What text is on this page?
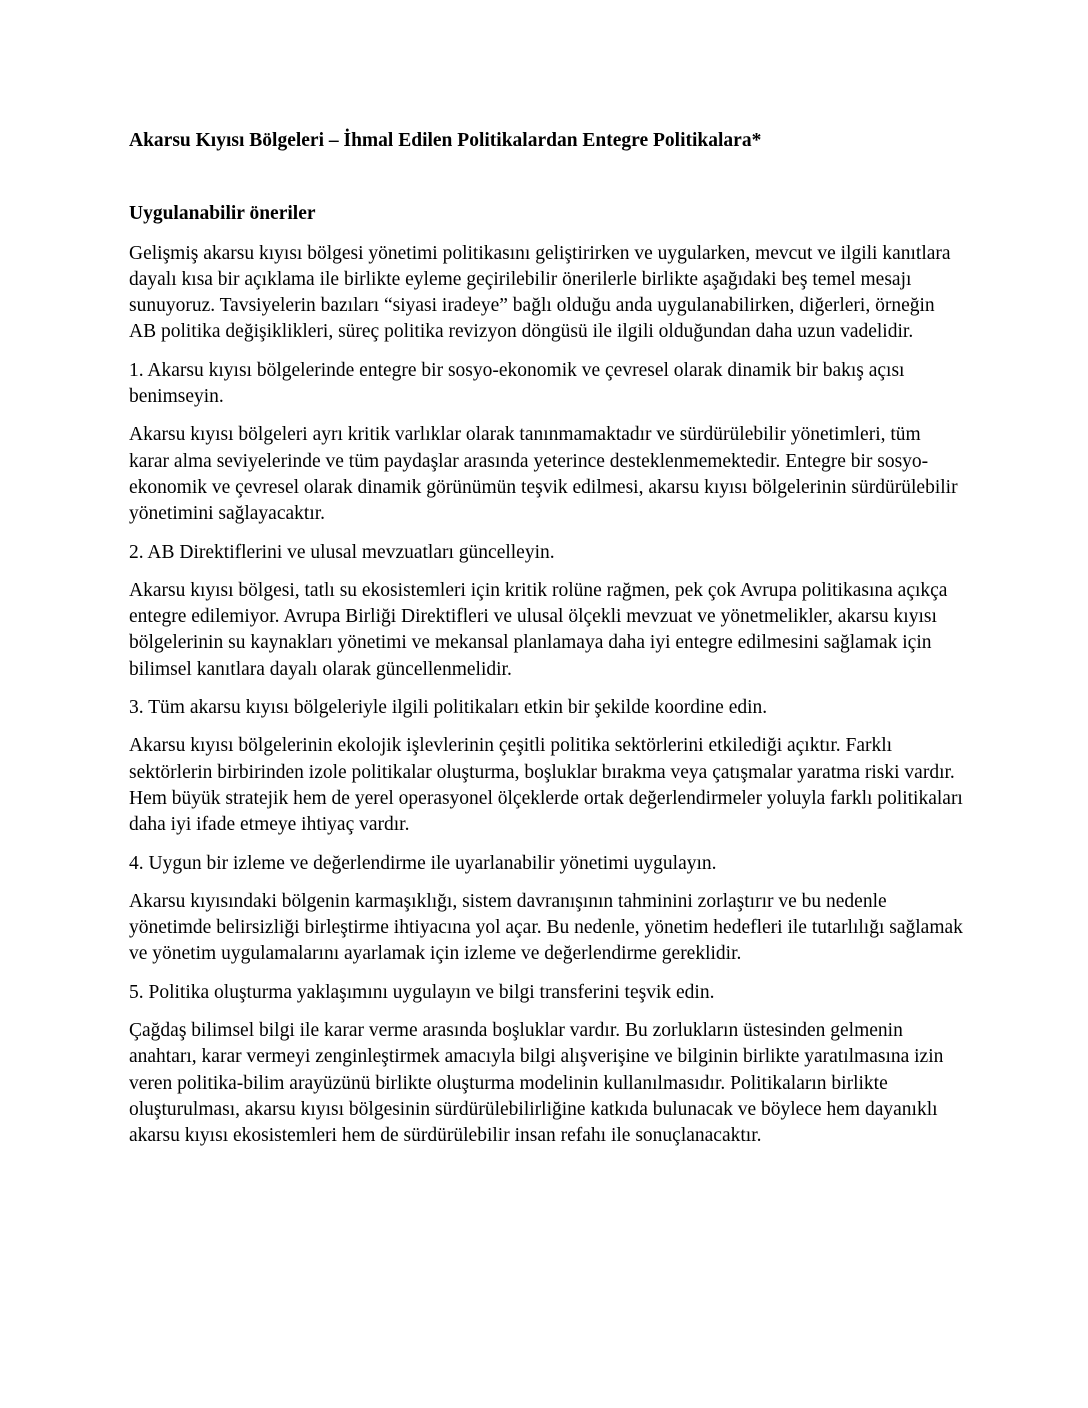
Akarsu Kıyısı Bölgeleri – İhmal Edilen Politikalardan Entegre Politikalara*

Uygulanabilir öneriler

Gelişmiş akarsu kıyısı bölgesi yönetimi politikasını geliştirirken ve uygularken, mevcut ve ilgili kanıtlara dayalı kısa bir açıklama ile birlikte eyleme geçirilebilir önerilerle birlikte aşağıdaki beş temel mesajı sunuyoruz. Tavsiyelerin bazıları “siyasi iradeye” bağlı olduğu anda uygulanabilirken, diğerleri, örneğin AB politika değişiklikleri, süreç politika revizyon döngüsü ile ilgili olduğundan daha uzun vadelidir.

1. Akarsu kıyısı bölgelerinde entegre bir sosyo-ekonomik ve çevresel olarak dinamik bir bakış açısı benimseyin.

Akarsu kıyısı bölgeleri ayrı kritik varlıklar olarak tanınmamaktadır ve sürdürülebilir yönetimleri, tüm karar alma seviyelerinde ve tüm paydaşlar arasında yeterince desteklenmemektedir. Entegre bir sosyo-ekonomik ve çevresel olarak dinamik görünümün teşvik edilmesi, akarsu kıyısı bölgelerinin sürdürülebilir yönetimini sağlayacaktır.

2. AB Direktiflerini ve ulusal mevzuatları güncelleyin.

Akarsu kıyısı bölgesi, tatlı su ekosistemleri için kritik rolüne rağmen, pek çok Avrupa politikasına açıkça entegre edilemiyor. Avrupa Birliği Direktifleri ve ulusal ölçekli mevzuat ve yönetmelikler, akarsu kıyısı bölgelerinin su kaynakları yönetimi ve mekansal planlamaya daha iyi entegre edilmesini sağlamak için bilimsel kanıtlara dayalı olarak güncellenmelidir.

3. Tüm akarsu kıyısı bölgeleriyle ilgili politikaları etkin bir şekilde koordine edin.

Akarsu kıyısı bölgelerinin ekolojik işlevlerinin çeşitli politika sektörlerini etkilediği açıktır. Farklı sektörlerin birbirinden izole politikalar oluşturma, boşluklar bırakma veya çatışmalar yaratma riski vardır. Hem büyük stratejik hem de yerel operasyonel ölçeklerde ortak değerlendirmeler yoluyla farklı politikaları daha iyi ifade etmeye ihtiyaç vardır.

4. Uygun bir izleme ve değerlendirme ile uyarlanabilir yönetimi uygulayın.

Akarsu kıyısındaki bölgenin karmaşıklığı, sistem davranışının tahminini zorlaştırır ve bu nedenle yönetimde belirsizliği birleştirme ihtiyacına yol açar. Bu nedenle, yönetim hedefleri ile tutarlılığı sağlamak ve yönetim uygulamalarını ayarlamak için izleme ve değerlendirme gereklidir.

5. Politika oluşturma yaklaşımını uygulayın ve bilgi transferini teşvik edin.

Çağdaş bilimsel bilgi ile karar verme arasında boşluklar vardır. Bu zorlukların üstesinden gelmenin anahtarı, karar vermeyi zenginleştirmek amacıyla bilgi alışverişine ve bilginin birlikte yaratılmasına izin veren politika-bilim arayüzünü birlikte oluşturma modelinin kullanılmasıdır. Politikaların birlikte oluşturulması, akarsu kıyısı bölgesinin sürdürülebilirliğine katkıda bulunacak ve böylece hem dayanıklı akarsu kıyısı ekosistemleri hem de sürdürülebilir insan refahı ile sonuçlanacaktır.
